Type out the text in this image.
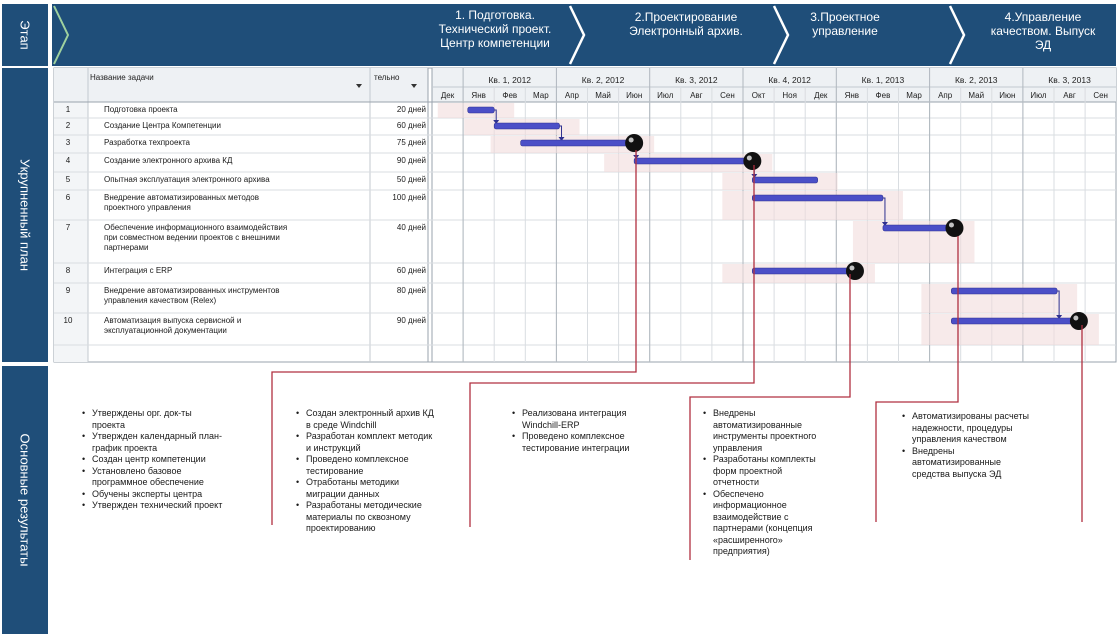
Этап
Укрупненный план
Основные результаты
1. Подготовка.
Технический проект.
Центр компетенции
2.Проектирование
Электронный архив.
3.Проектное
управление
4.Управление
качеством. Выпуск
ЭД
Название задачи	тельно
1	Подготовка проекта	20 дней
2	Создание Центра Компетенции	60 дней
3	Разработка техпроекта	75 дней
4	Создание электронного архива КД	90 дней
5	Опытная эксплуатация электронного архива	50 дней
6	Внедрение автоматизированных методов
проектного управления
100 дней
7	Обеспечение информационного взаимодействия
при совместном ведении проектов с внешними
партнерами
40 дней
8	Интеграция с ERP	60 дней
9	Внедрение автоматизированных инструментов
управления качеством (Relex)
80 дней
10	Автоматизация выпуска сервисной и
эксплуатационной документации
90 дней
Дек Янв Фев Мар Апр Май Июн Июл Авг Сен Окт Ноя Дек Янв Фев Мар Апр Май Июн Июл Авг Сен
Кв. 1, 2012	Кв. 2, 2012	Кв. 3, 2012	Кв. 4, 2012	Кв. 1, 2013	Кв. 2, 2013	Кв. 3, 2013
• Утверждены орг. док-ты
проекта
• Утвержден календарный план-
график проекта
• Создан центр компетенции
• Установлено базовое
программное обеспечение
• Обучены эксперты центра
• Утвержден технический проект
• Создан электронный архив КД
в среде Windchill
• Разработан комплект методик
и инструкций
• Проведено комплексное
тестирование
• Отработаны методики
миграции данных
• Разработаны методические
материалы по сквозному
проектированию
• Реализована интеграция
Windchill-ERP
• Проведено комплексное
тестирование интеграции
• Внедрены
автоматизированные
инструменты проектного
управления
• Разработаны комплекты
форм проектной
отчетности
• Обеспечено
информационное
взаимодействие с
партнерами (концепция
«расширенного»
предприятия)
• Автоматизированы расчеты
надежности, процедуры
управления качеством
• Внедрены
автоматизированные
средства выпуска ЭД
